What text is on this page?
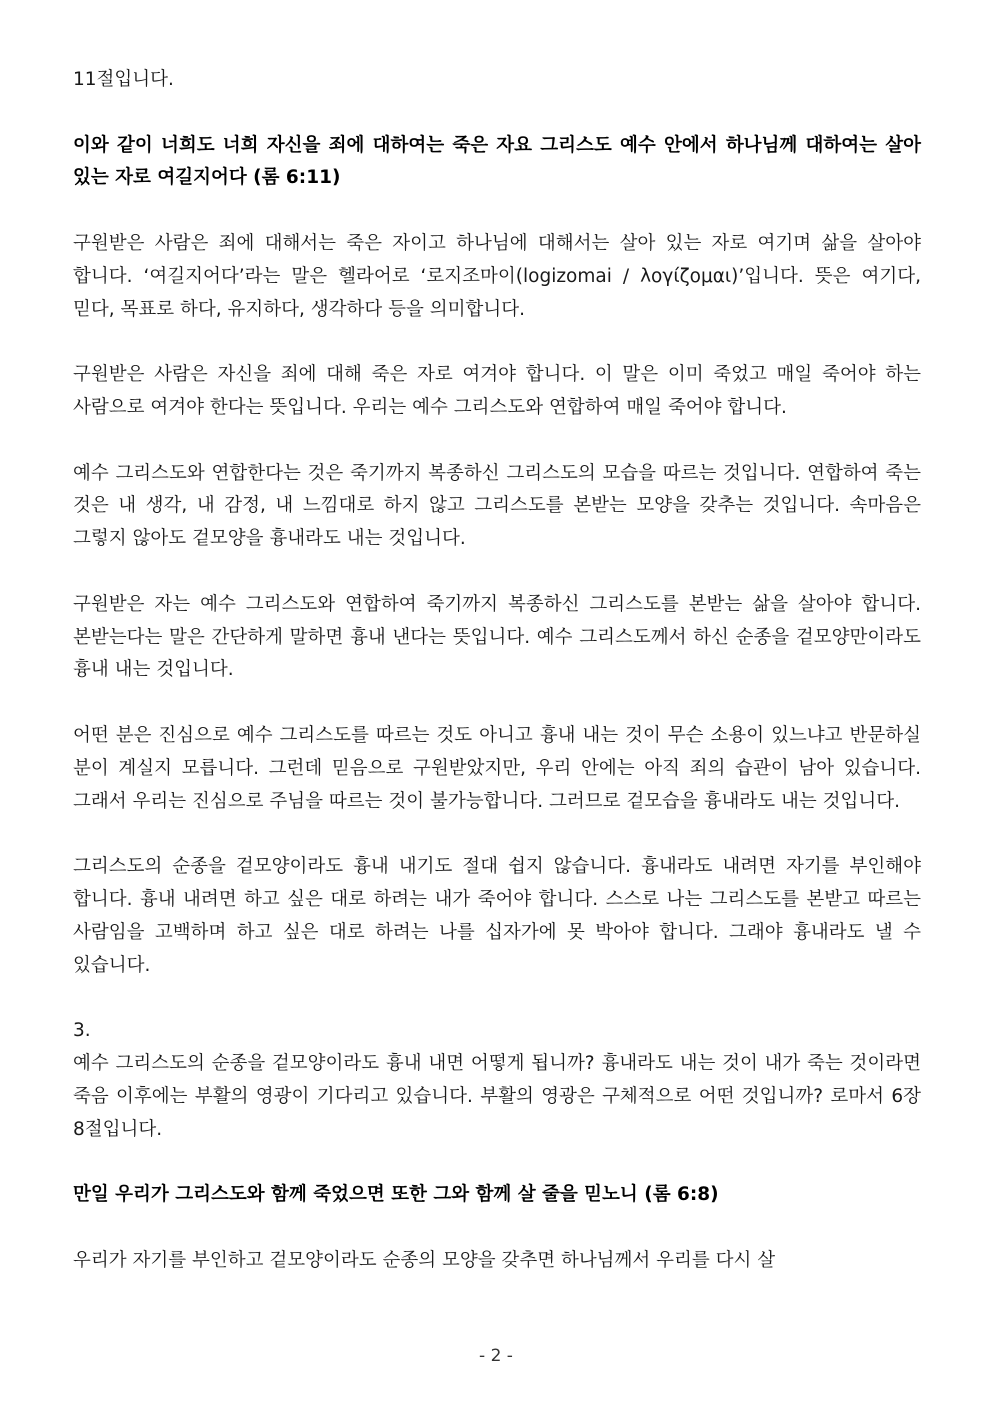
11절입니다.

이와 같이 너희도 너희 자신을 죄에 대하여는 죽은 자요 그리스도 예수 안에서 하나님께 대하여는 살아 있는 자로 여길지어다 (롬 6:11)

구원받은 사람은 죄에 대해서는 죽은 자이고 하나님에 대해서는 살아 있는 자로 여기며 삶을 살아야 합니다. ‘여길지어다’라는 말은 헬라어로 ‘로지조마이(logizomai / λογίζομαι)’입니다. 뜻은 여기다, 믿다, 목표로 하다, 유지하다, 생각하다 등을 의미합니다.

구원받은 사람은 자신을 죄에 대해 죽은 자로 여겨야 합니다. 이 말은 이미 죽었고 매일 죽어야 하는 사람으로 여겨야 한다는 뜻입니다. 우리는 예수 그리스도와 연합하여 매일 죽어야 합니다.

예수 그리스도와 연합한다는 것은 죽기까지 복종하신 그리스도의 모습을 따르는 것입니다. 연합하여 죽는 것은 내 생각, 내 감정, 내 느낌대로 하지 않고 그리스도를 본받는 모양을 갖추는 것입니다. 속마음은 그렇지 않아도 겉모양을 흉내라도 내는 것입니다.

구원받은 자는 예수 그리스도와 연합하여 죽기까지 복종하신 그리스도를 본받는 삶을 살아야 합니다. 본받는다는 말은 간단하게 말하면 흉내 낸다는 뜻입니다. 예수 그리스도께서 하신 순종을 겉모양만이라도 흉내 내는 것입니다.

어떤 분은 진심으로 예수 그리스도를 따르는 것도 아니고 흉내 내는 것이 무슨 소용이 있느냐고 반문하실 분이 계실지 모릅니다. 그런데 믿음으로 구원받았지만, 우리 안에는 아직 죄의 습관이 남아 있습니다. 그래서 우리는 진심으로 주님을 따르는 것이 불가능합니다. 그러므로 겉모습을 흉내라도 내는 것입니다.

그리스도의 순종을 겉모양이라도 흉내 내기도 절대 쉽지 않습니다. 흉내라도 내려면 자기를 부인해야 합니다. 흉내 내려면 하고 싶은 대로 하려는 내가 죽어야 합니다. 스스로 나는 그리스도를 본받고 따르는 사람임을 고백하며 하고 싶은 대로 하려는 나를 십자가에 못 박아야 합니다. 그래야 흉내라도 낼 수 있습니다.

3.

예수 그리스도의 순종을 겉모양이라도 흉내 내면 어떻게 됩니까? 흉내라도 내는 것이 내가 죽는 것이라면 죽음 이후에는 부활의 영광이 기다리고 있습니다. 부활의 영광은 구체적으로 어떤 것입니까? 로마서 6장 8절입니다.

만일 우리가 그리스도와 함께 죽었으면 또한 그와 함께 살 줄을 믿노니 (롬 6:8)

우리가 자기를 부인하고 겉모양이라도 순종의 모양을 갖추면 하나님께서 우리를 다시 살

- 2 -
